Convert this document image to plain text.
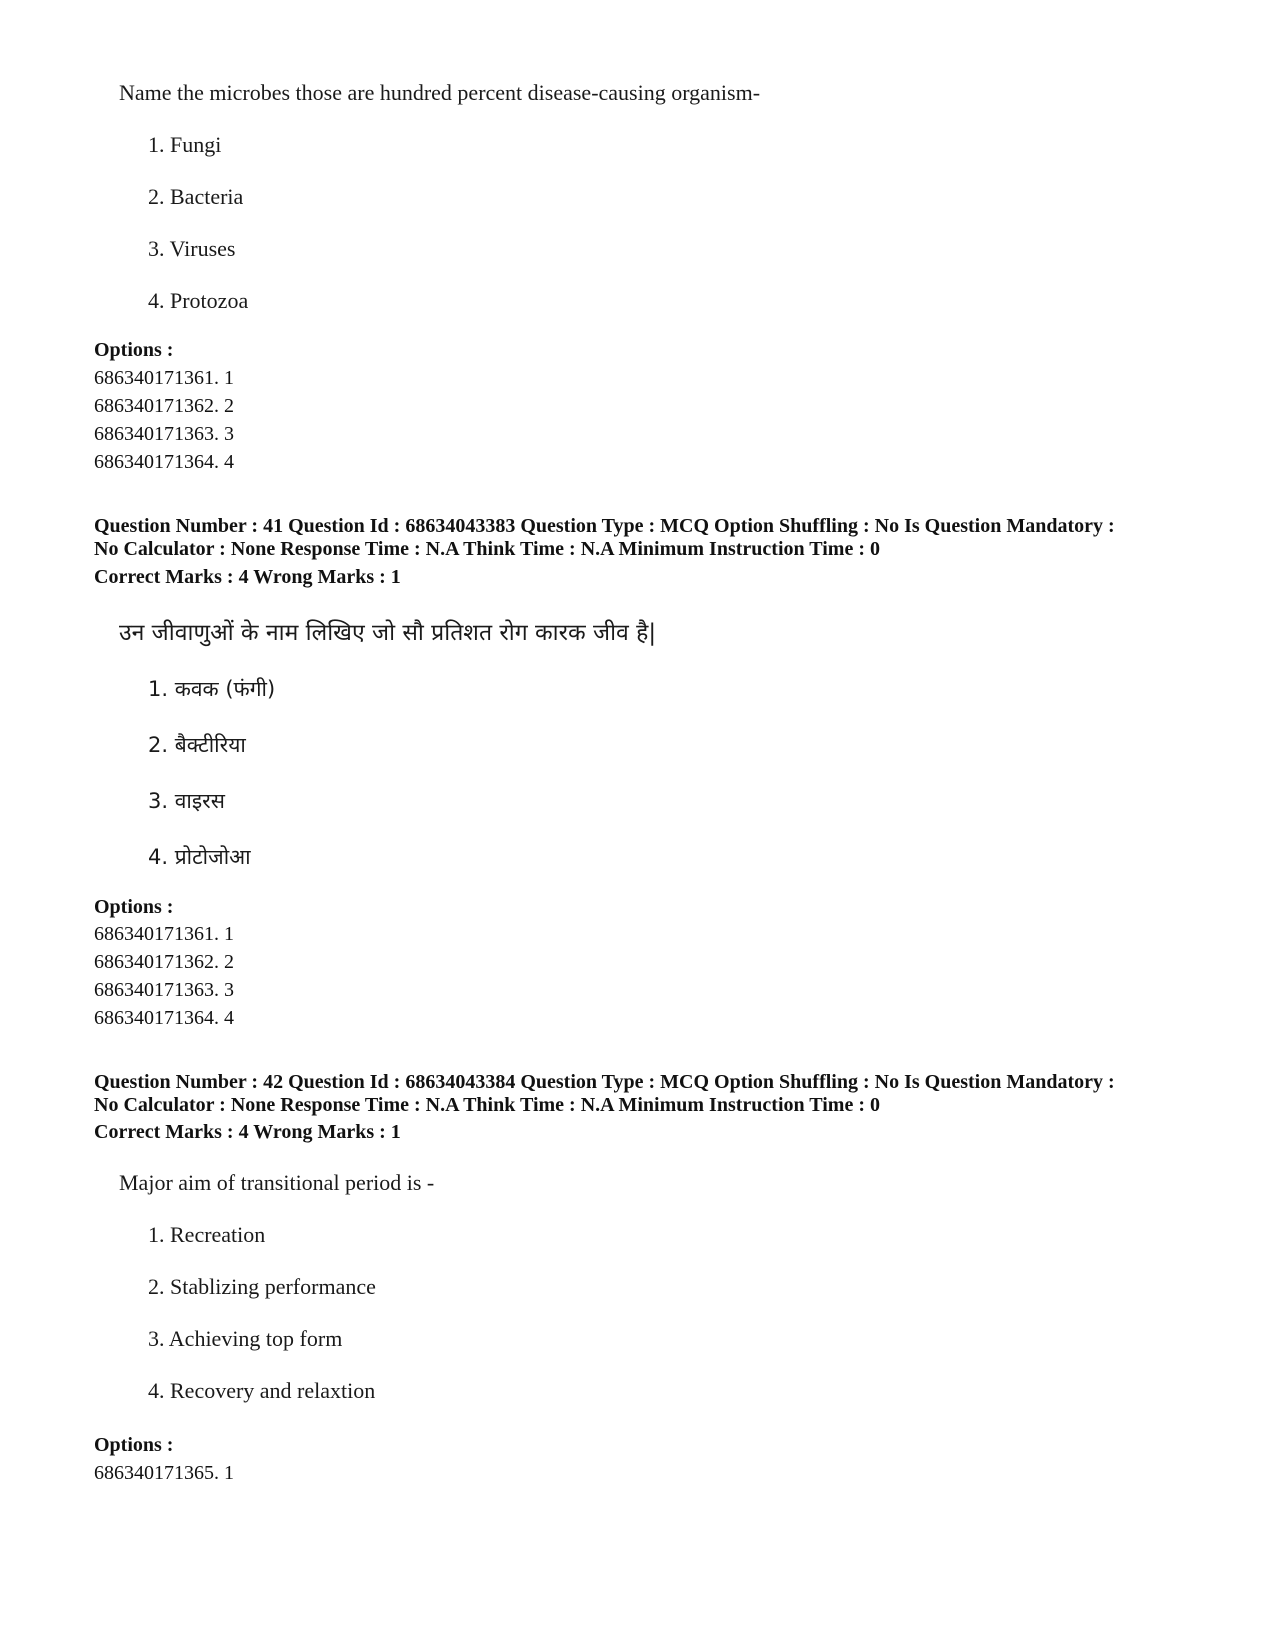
Name the microbes those are hundred percent disease-causing organism-
1. Fungi
2. Bacteria
3. Viruses
4. Protozoa
Options :
686340171361. 1
686340171362. 2
686340171363. 3
686340171364. 4
Question Number : 41 Question Id : 68634043383 Question Type : MCQ Option Shuffling : No Is Question Mandatory :
No Calculator : None Response Time : N.A Think Time : N.A Minimum Instruction Time : 0
Correct Marks : 4 Wrong Marks : 1
उन जीवाणुओं के नाम लिखिए जो सौ प्रतिशत रोग कारक जीव है|
1. कवक (फंगी)
2. बैक्टीरिया
3. वाइरस
4. प्रोटोजोआ
Options :
686340171361. 1
686340171362. 2
686340171363. 3
686340171364. 4
Question Number : 42 Question Id : 68634043384 Question Type : MCQ Option Shuffling : No Is Question Mandatory :
No Calculator : None Response Time : N.A Think Time : N.A Minimum Instruction Time : 0
Correct Marks : 4 Wrong Marks : 1
Major aim of transitional period is -
1. Recreation
2. Stablizing performance
3. Achieving top form
4. Recovery and relaxtion
Options :
686340171365. 1
